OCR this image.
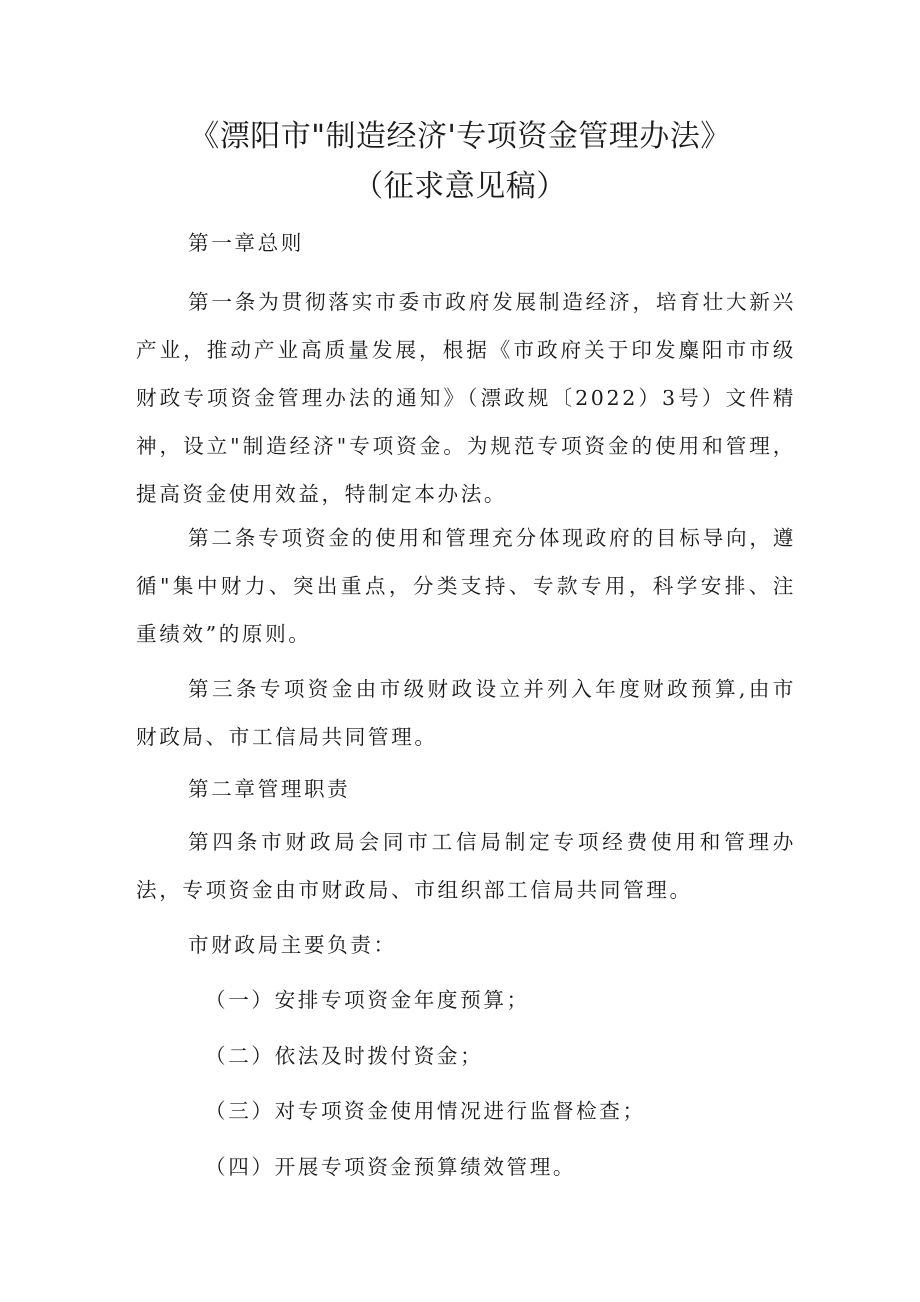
《漂阳市"制造经济'专项资金管理办法》
（征求意见稿）
第一章总则

第一条为贯彻落实市委市政府发展制造经济，培育壮大新兴产业，推动产业高质量发展，根据《市政府关于印发麋阳市市级财政专项资金管理办法的通知》（漂政规〔2022）3号）文件精神，设立"制造经济"专项资金。为规范专项资金的使用和管理，提高资金使用效益，特制定本办法。

第二条专项资金的使用和管理充分体现政府的目标导向，遵循"集中财力、突出重点，分类支持、专款专用，科学安排、注重绩效”的原则。

第三条专项资金由市级财政设立并列入年度财政预算,由市财政局、市工信局共同管理。

第二章管理职责

第四条市财政局会同市工信局制定专项经费使用和管理办法，专项资金由市财政局、市组织部工信局共同管理。

市财政局主要负责：
（一）安排专项资金年度预算；
（二）依法及时拨付资金；
（三）对专项资金使用情况进行监督检查；
（四）开展专项资金预算绩效管理。
